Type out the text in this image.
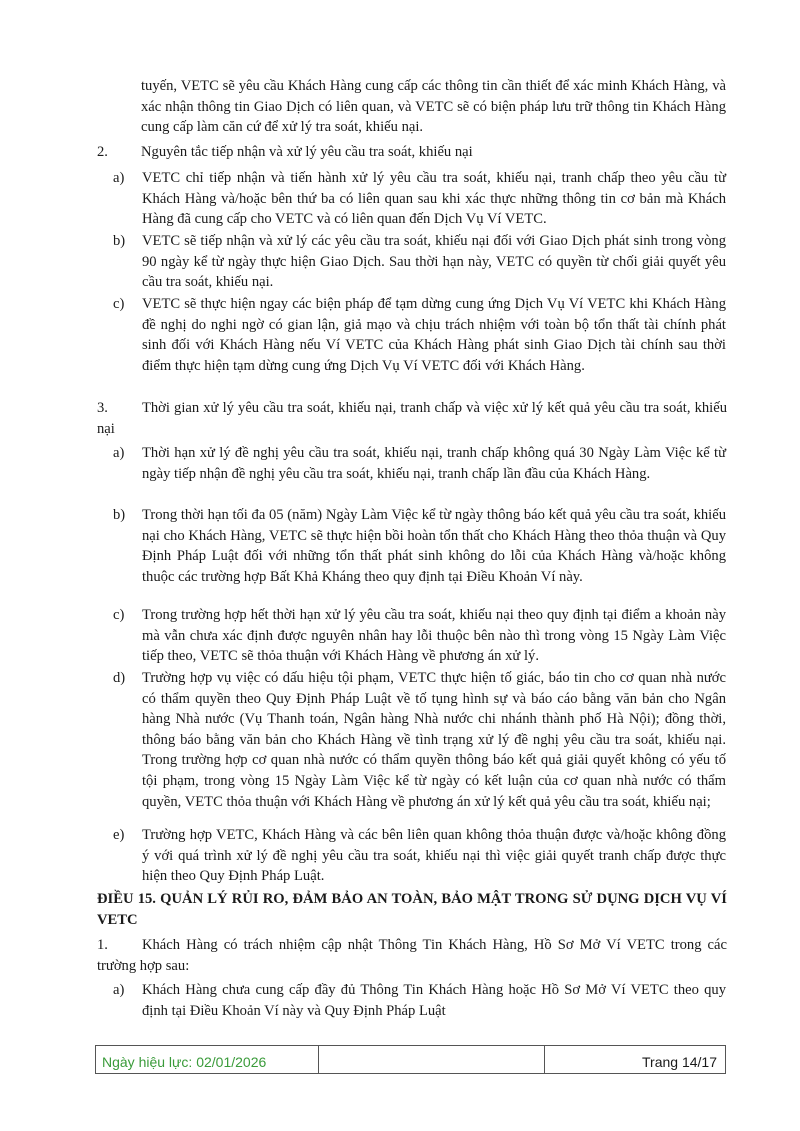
tuyến, VETC sẽ yêu cầu Khách Hàng cung cấp các thông tin cần thiết để xác minh Khách Hàng, và xác nhận thông tin Giao Dịch có liên quan, và VETC sẽ có biện pháp lưu trữ thông tin Khách Hàng cung cấp làm căn cứ để xử lý tra soát, khiếu nại.

2. Nguyên tắc tiếp nhận và xử lý yêu cầu tra soát, khiếu nại
a) VETC chỉ tiếp nhận và tiến hành xử lý yêu cầu tra soát, khiếu nại, tranh chấp theo yêu cầu từ Khách Hàng và/hoặc bên thứ ba có liên quan sau khi xác thực những thông tin cơ bản mà Khách Hàng đã cung cấp cho VETC và có liên quan đến Dịch Vụ Ví VETC.
b) VETC sẽ tiếp nhận và xử lý các yêu cầu tra soát, khiếu nại đối với Giao Dịch phát sinh trong vòng 90 ngày kể từ ngày thực hiện Giao Dịch. Sau thời hạn này, VETC có quyền từ chối giải quyết yêu cầu tra soát, khiếu nại.
c) VETC sẽ thực hiện ngay các biện pháp để tạm dừng cung ứng Dịch Vụ Ví VETC khi Khách Hàng đề nghị do nghi ngờ có gian lận, giả mạo và chịu trách nhiệm với toàn bộ tổn thất tài chính phát sinh đối với Khách Hàng nếu Ví VETC của Khách Hàng phát sinh Giao Dịch tài chính sau thời điểm thực hiện tạm dừng cung ứng Dịch Vụ Ví VETC đối với Khách Hàng.

3. Thời gian xử lý yêu cầu tra soát, khiếu nại, tranh chấp và việc xử lý kết quả yêu cầu tra soát, khiếu nại

a) Thời hạn xử lý đề nghị yêu cầu tra soát, khiếu nại, tranh chấp không quá 30 Ngày Làm Việc kể từ ngày tiếp nhận đề nghị yêu cầu tra soát, khiếu nại, tranh chấp lần đầu của Khách Hàng.
b) Trong thời hạn tối đa 05 (năm) Ngày Làm Việc kể từ ngày thông báo kết quả yêu cầu tra soát, khiếu nại cho Khách Hàng, VETC sẽ thực hiện bồi hoàn tổn thất cho Khách Hàng theo thỏa thuận và Quy Định Pháp Luật đối với những tổn thất phát sinh không do lỗi của Khách Hàng và/hoặc không thuộc các trường hợp Bất Khả Kháng theo quy định tại Điều Khoản Ví này.
c) Trong trường hợp hết thời hạn xử lý yêu cầu tra soát, khiếu nại theo quy định tại điểm a khoản này mà vẫn chưa xác định được nguyên nhân hay lỗi thuộc bên nào thì trong vòng 15 Ngày Làm Việc tiếp theo, VETC sẽ thỏa thuận với Khách Hàng về phương án xử lý.
d) Trường hợp vụ việc có dấu hiệu tội phạm, VETC thực hiện tố giác, báo tin cho cơ quan nhà nước có thẩm quyền theo Quy Định Pháp Luật về tố tụng hình sự và báo cáo bằng văn bản cho Ngân hàng Nhà nước (Vụ Thanh toán, Ngân hàng Nhà nước chi nhánh thành phố Hà Nội); đồng thời, thông báo bằng văn bản cho Khách Hàng về tình trạng xử lý đề nghị yêu cầu tra soát, khiếu nại. Trong trường hợp cơ quan nhà nước có thẩm quyền thông báo kết quả giải quyết không có yếu tố tội phạm, trong vòng 15 Ngày Làm Việc kể từ ngày có kết luận của cơ quan nhà nước có thẩm quyền, VETC thỏa thuận với Khách Hàng về phương án xử lý kết quả yêu cầu tra soát, khiếu nại;
e) Trường hợp VETC, Khách Hàng và các bên liên quan không thỏa thuận được và/hoặc không đồng ý với quá trình xử lý đề nghị yêu cầu tra soát, khiếu nại thì việc giải quyết tranh chấp được thực hiện theo Quy Định Pháp Luật.
ĐIỀU 15. QUẢN LÝ RỦI RO, ĐẢM BẢO AN TOÀN, BẢO MẬT TRONG SỬ DỤNG DỊCH VỤ VÍ VETC

1. Khách Hàng có trách nhiệm cập nhật Thông Tin Khách Hàng, Hồ Sơ Mở Ví VETC trong các trường hợp sau:

a) Khách Hàng chưa cung cấp đầy đủ Thông Tin Khách Hàng hoặc Hồ Sơ Mở Ví VETC theo quy định tại Điều Khoản Ví này và Quy Định Pháp Luật
Ngày hiệu lực: 02/01/2026	Trang 14/17
